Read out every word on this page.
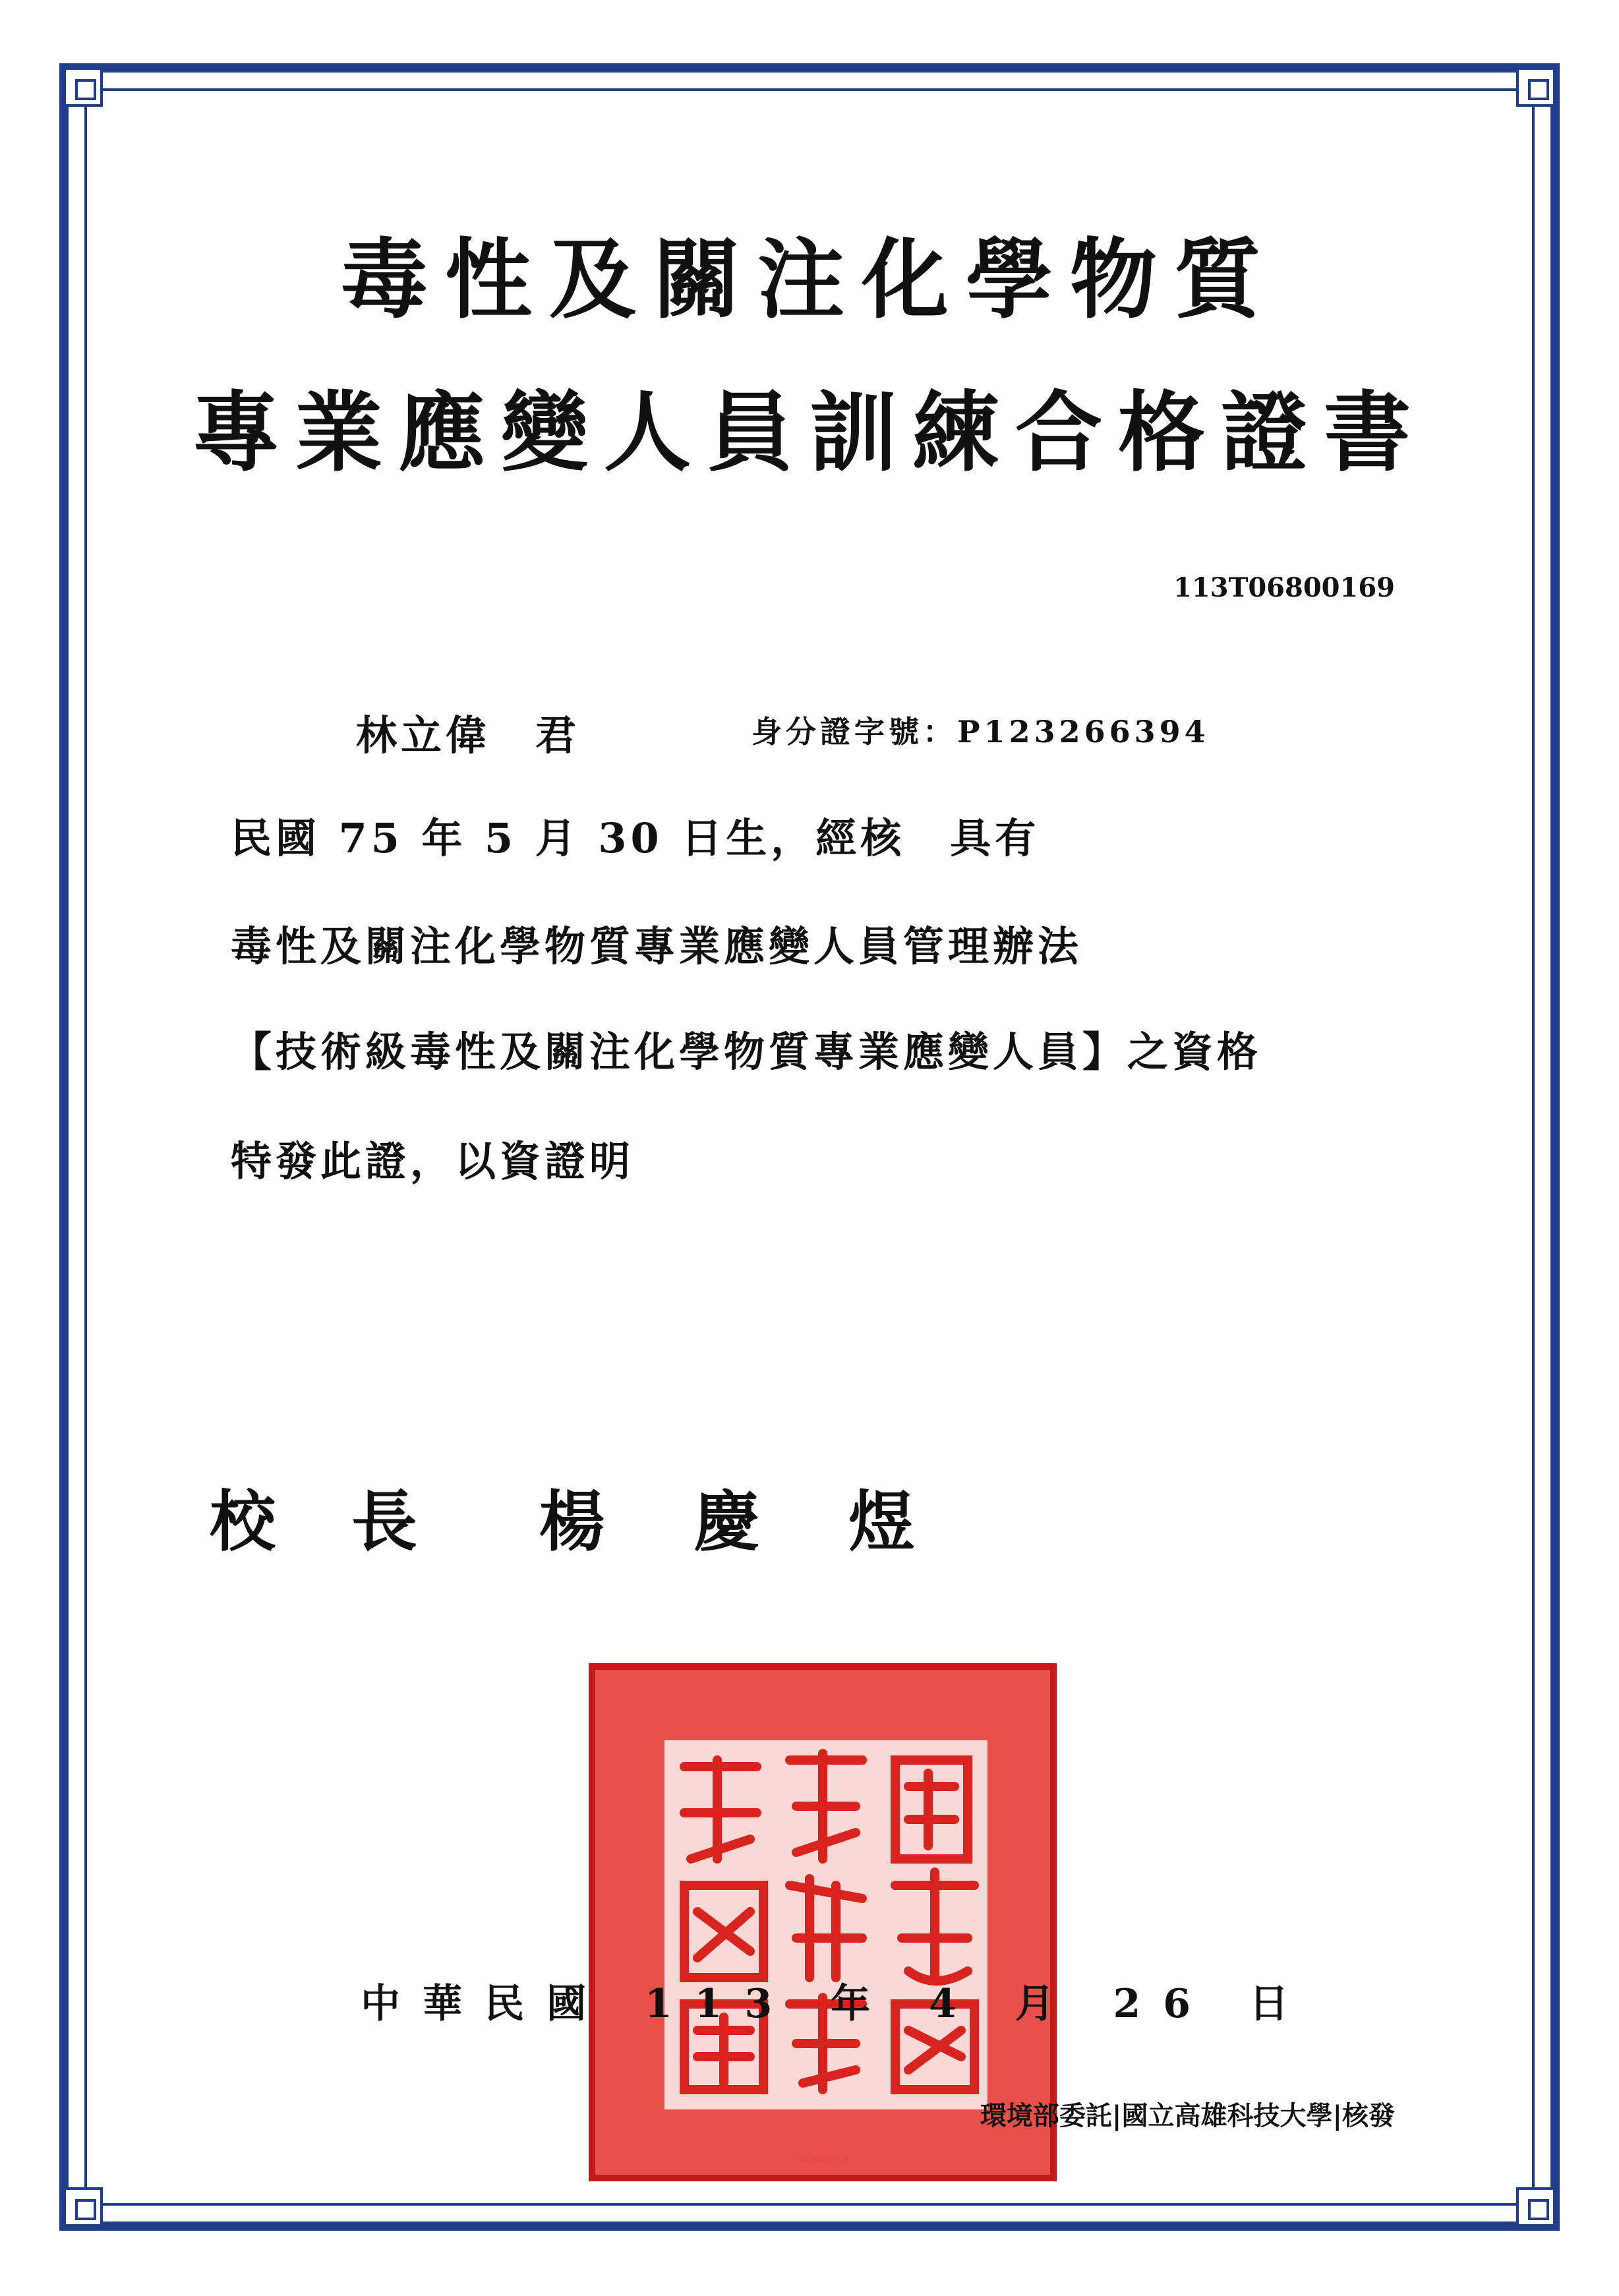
毒性及關注化學物質
專業應變人員訓練合格證書
113T06800169
林立偉　君	身分證字號：P123266394
民國 75 年 5 月 30 日生，經核　具有
毒性及關注化學物質專業應變人員管理辦法
【技術級毒性及關注化學物質專業應變人員】之資格
特發此證，以資證明
校 長 楊 慶 煜
國立高雄科技大學
中華民國 113 年 4 月 26 日
環境部委託|國立高雄科技大學|核發
